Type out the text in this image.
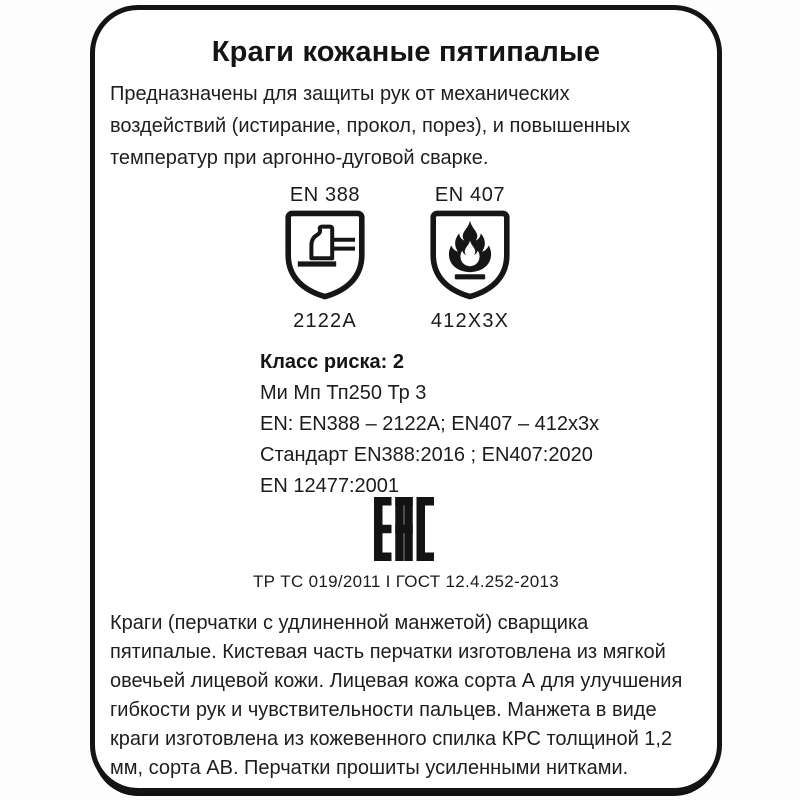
Краги кожаные пятипалые
Предназначены для защиты рук от механических
воздействий (истирание, прокол, порез), и повышенных
температур при аргонно-дуговой сварке.
EN 388
2122A
EN 407
412X3X
Класс риска: 2
Ми Мп Тп250 Тр 3
EN: EN388 – 2122A; EN407 – 412x3x
Стандарт EN388:2016 ; EN407:2020
EN 12477:2001
ТР ТС 019/2011 I ГОСТ 12.4.252-2013
Краги (перчатки с удлиненной манжетой) сварщика
пятипалые. Кистевая часть перчатки изготовлена из мягкой
овечьей лицевой кожи. Лицевая кожа сорта А для улучшения
гибкости рук и чувствительности пальцев. Манжета в виде
краги изготовлена из кожевенного спилка КРС толщиной 1,2
мм, сорта АВ. Перчатки прошиты усиленными нитками.
